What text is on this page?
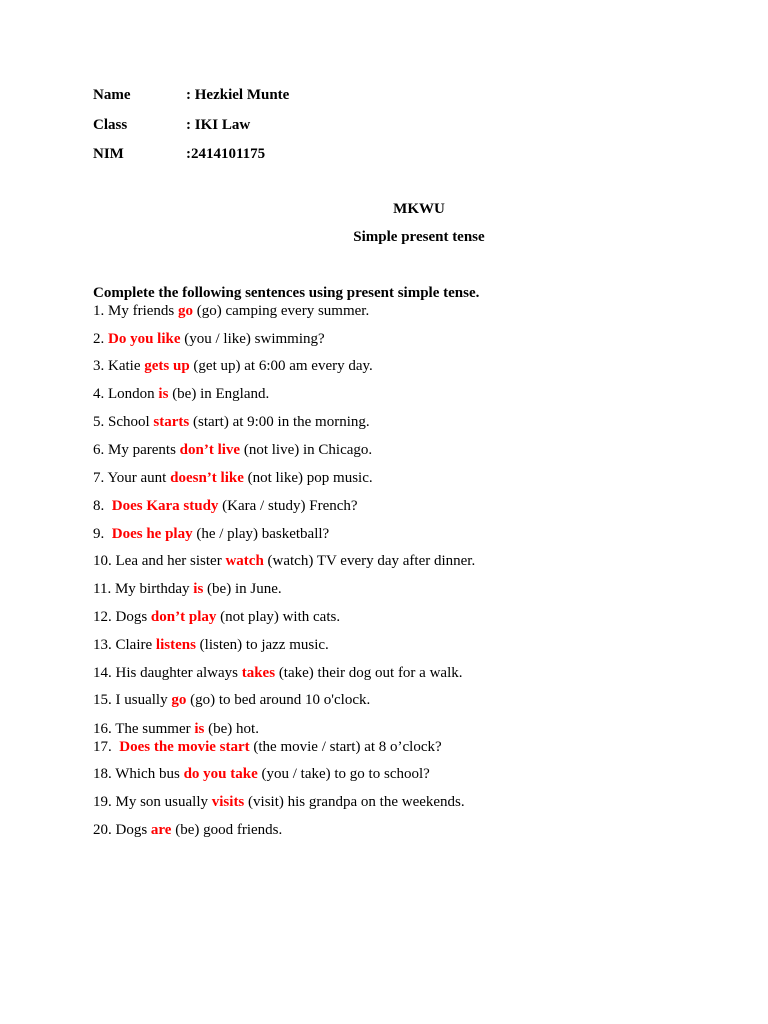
Name	: Hezkiel Munte
Class	: IKI Law
NIM	:2414101175
MKWU
Simple present tense
Complete the following sentences using present simple tense.
1. My friends go (go) camping every summer.
2. Do you like (you / like) swimming?
3. Katie gets up (get up) at 6:00 am every day.
4. London is (be) in England.
5. School starts (start) at 9:00 in the morning.
6. My parents don’t live (not live) in Chicago.
7. Your aunt doesn’t like (not like) pop music.
8.  Does Kara study (Kara / study) French?
9.  Does he play (he / play) basketball?
10. Lea and her sister watch (watch) TV every day after dinner.
11. My birthday is (be) in June.
12. Dogs don’t play (not play) with cats.
13. Claire listens (listen) to jazz music.
14. His daughter always takes (take) their dog out for a walk.
15. I usually go (go) to bed around 10 o'clock.
16. The summer is (be) hot.
17.  Does the movie start (the movie / start) at 8 o’clock?
18. Which bus do you take (you / take) to go to school?
19. My son usually visits (visit) his grandpa on the weekends.
20. Dogs are (be) good friends.
